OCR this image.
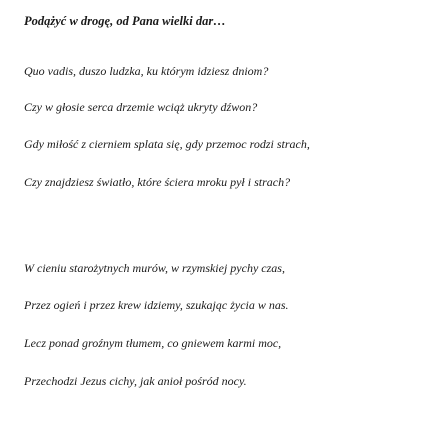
Podążyć w drogę, od Pana wielki dar…
Quo vadis, duszo ludzka, ku którym idziesz dniom?
Czy w głosie serca drzemie wciąż ukryty dźwon?
Gdy miłość z cierniem splata się, gdy przemoc rodzi strach,
Czy znajdziesz światło, które ściera mroku pył i strach?
W cieniu starożytnych murów, w rzymskiej pychy czas,
Przez ogień i przez krew idziemy, szukając życia w nas.
Lecz ponad groźnym tłumem, co gniewem karmi moc,
Przechodzi Jezus cichy, jak anioł pośród nocy.
